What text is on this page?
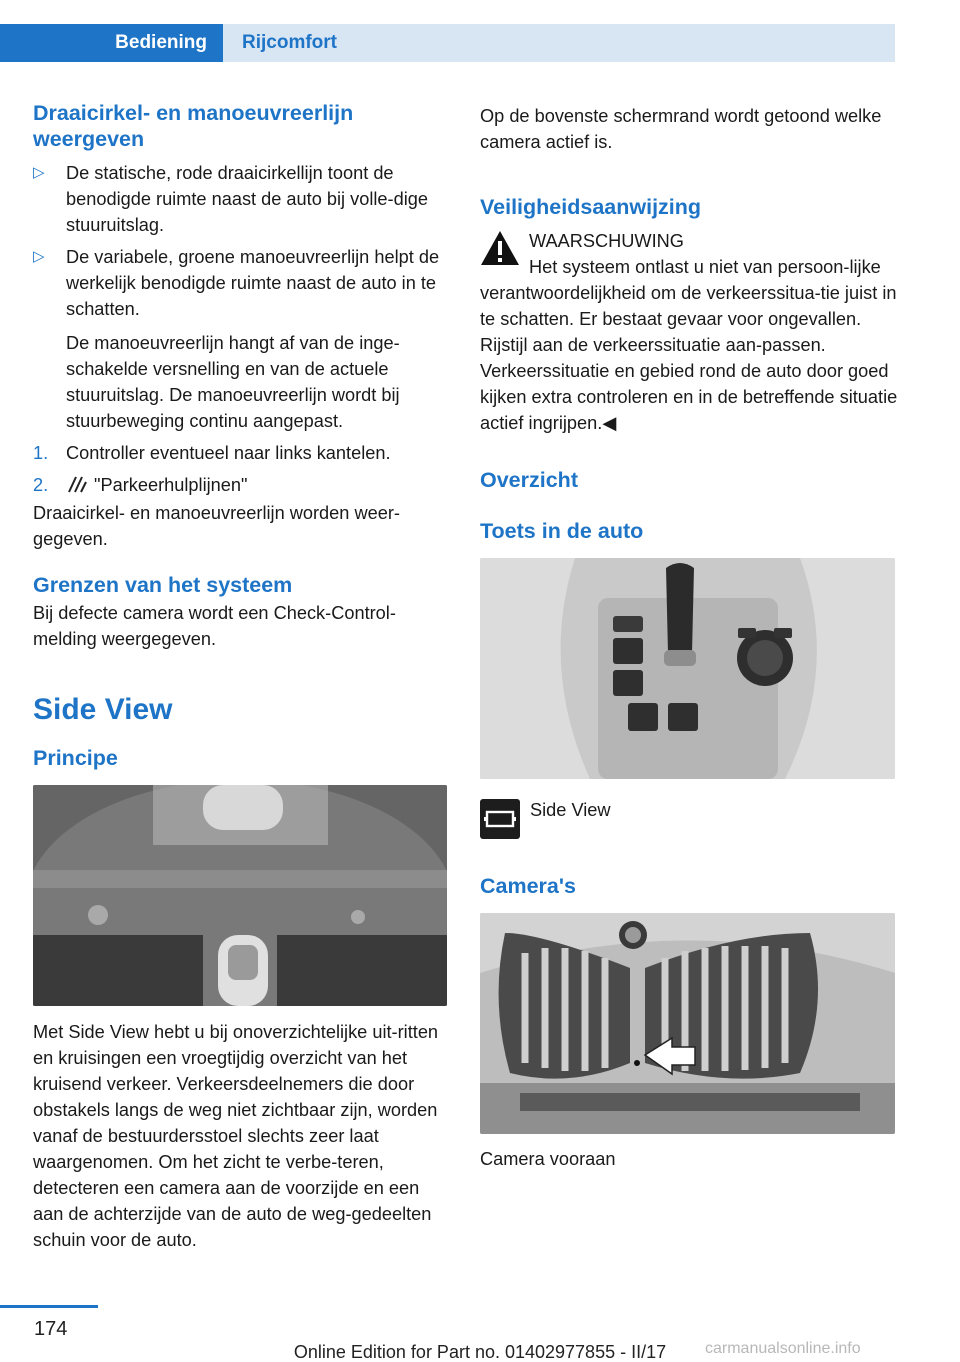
Bediening	Rijcomfort
Draaicirkel- en manoeuvreerlijn weergeven
▷ De statische, rode draaicirkellijn toont de benodigde ruimte naast de auto bij volle‐dige stuuruitslag.
▷ De variabele, groene manoeuvreerlijn helpt de werkelijk benodigde ruimte naast de auto in te schatten.
De manoeuvreerlijn hangt af van de inge‐schakelde versnelling en van de actuele stuuruitslag. De manoeuvreerlijn wordt bij stuurbeweging continu aangepast.
1. Controller eventueel naar links kantelen.
2.	"Parkeerhulplijnen"

Draaicirkel- en manoeuvreerlijn worden weer‐gegeven.

Grenzen van het systeem

Bij defecte camera wordt een Check-Control-melding weergegeven.

Side View
Principe

Met Side View hebt u bij onoverzichtelijke uit‐ritten en kruisingen een vroegtijdig overzicht van het kruisend verkeer. Verkeersdeelnemers die door obstakels langs de weg niet zichtbaar zijn, worden vanaf de bestuurdersstoel slechts zeer laat waargenomen. Om het zicht te verbe‐teren, detecteren een camera aan de voorzijde en een aan de achterzijde van de auto de weg‐gedeelten schuin voor de auto.

Op de bovenste schermrand wordt getoond welke camera actief is.

Veiligheidsaanwijzing
WAARSCHUWING
Het systeem ontlast u niet van persoon‐lijke verantwoordelijkheid om de verkeerssitua‐tie juist in te schatten. Er bestaat gevaar voor ongevallen. Rijstijl aan de verkeerssituatie aan‐passen. Verkeerssituatie en gebied rond de auto door goed kijken extra controleren en in de betreffende situatie actief ingrijpen.◀
Overzicht
Toets in de auto
Side View
Camera's

Camera vooraan

174
Online Edition for Part no. 01402977855 - II/17	carmanualsonline.info
